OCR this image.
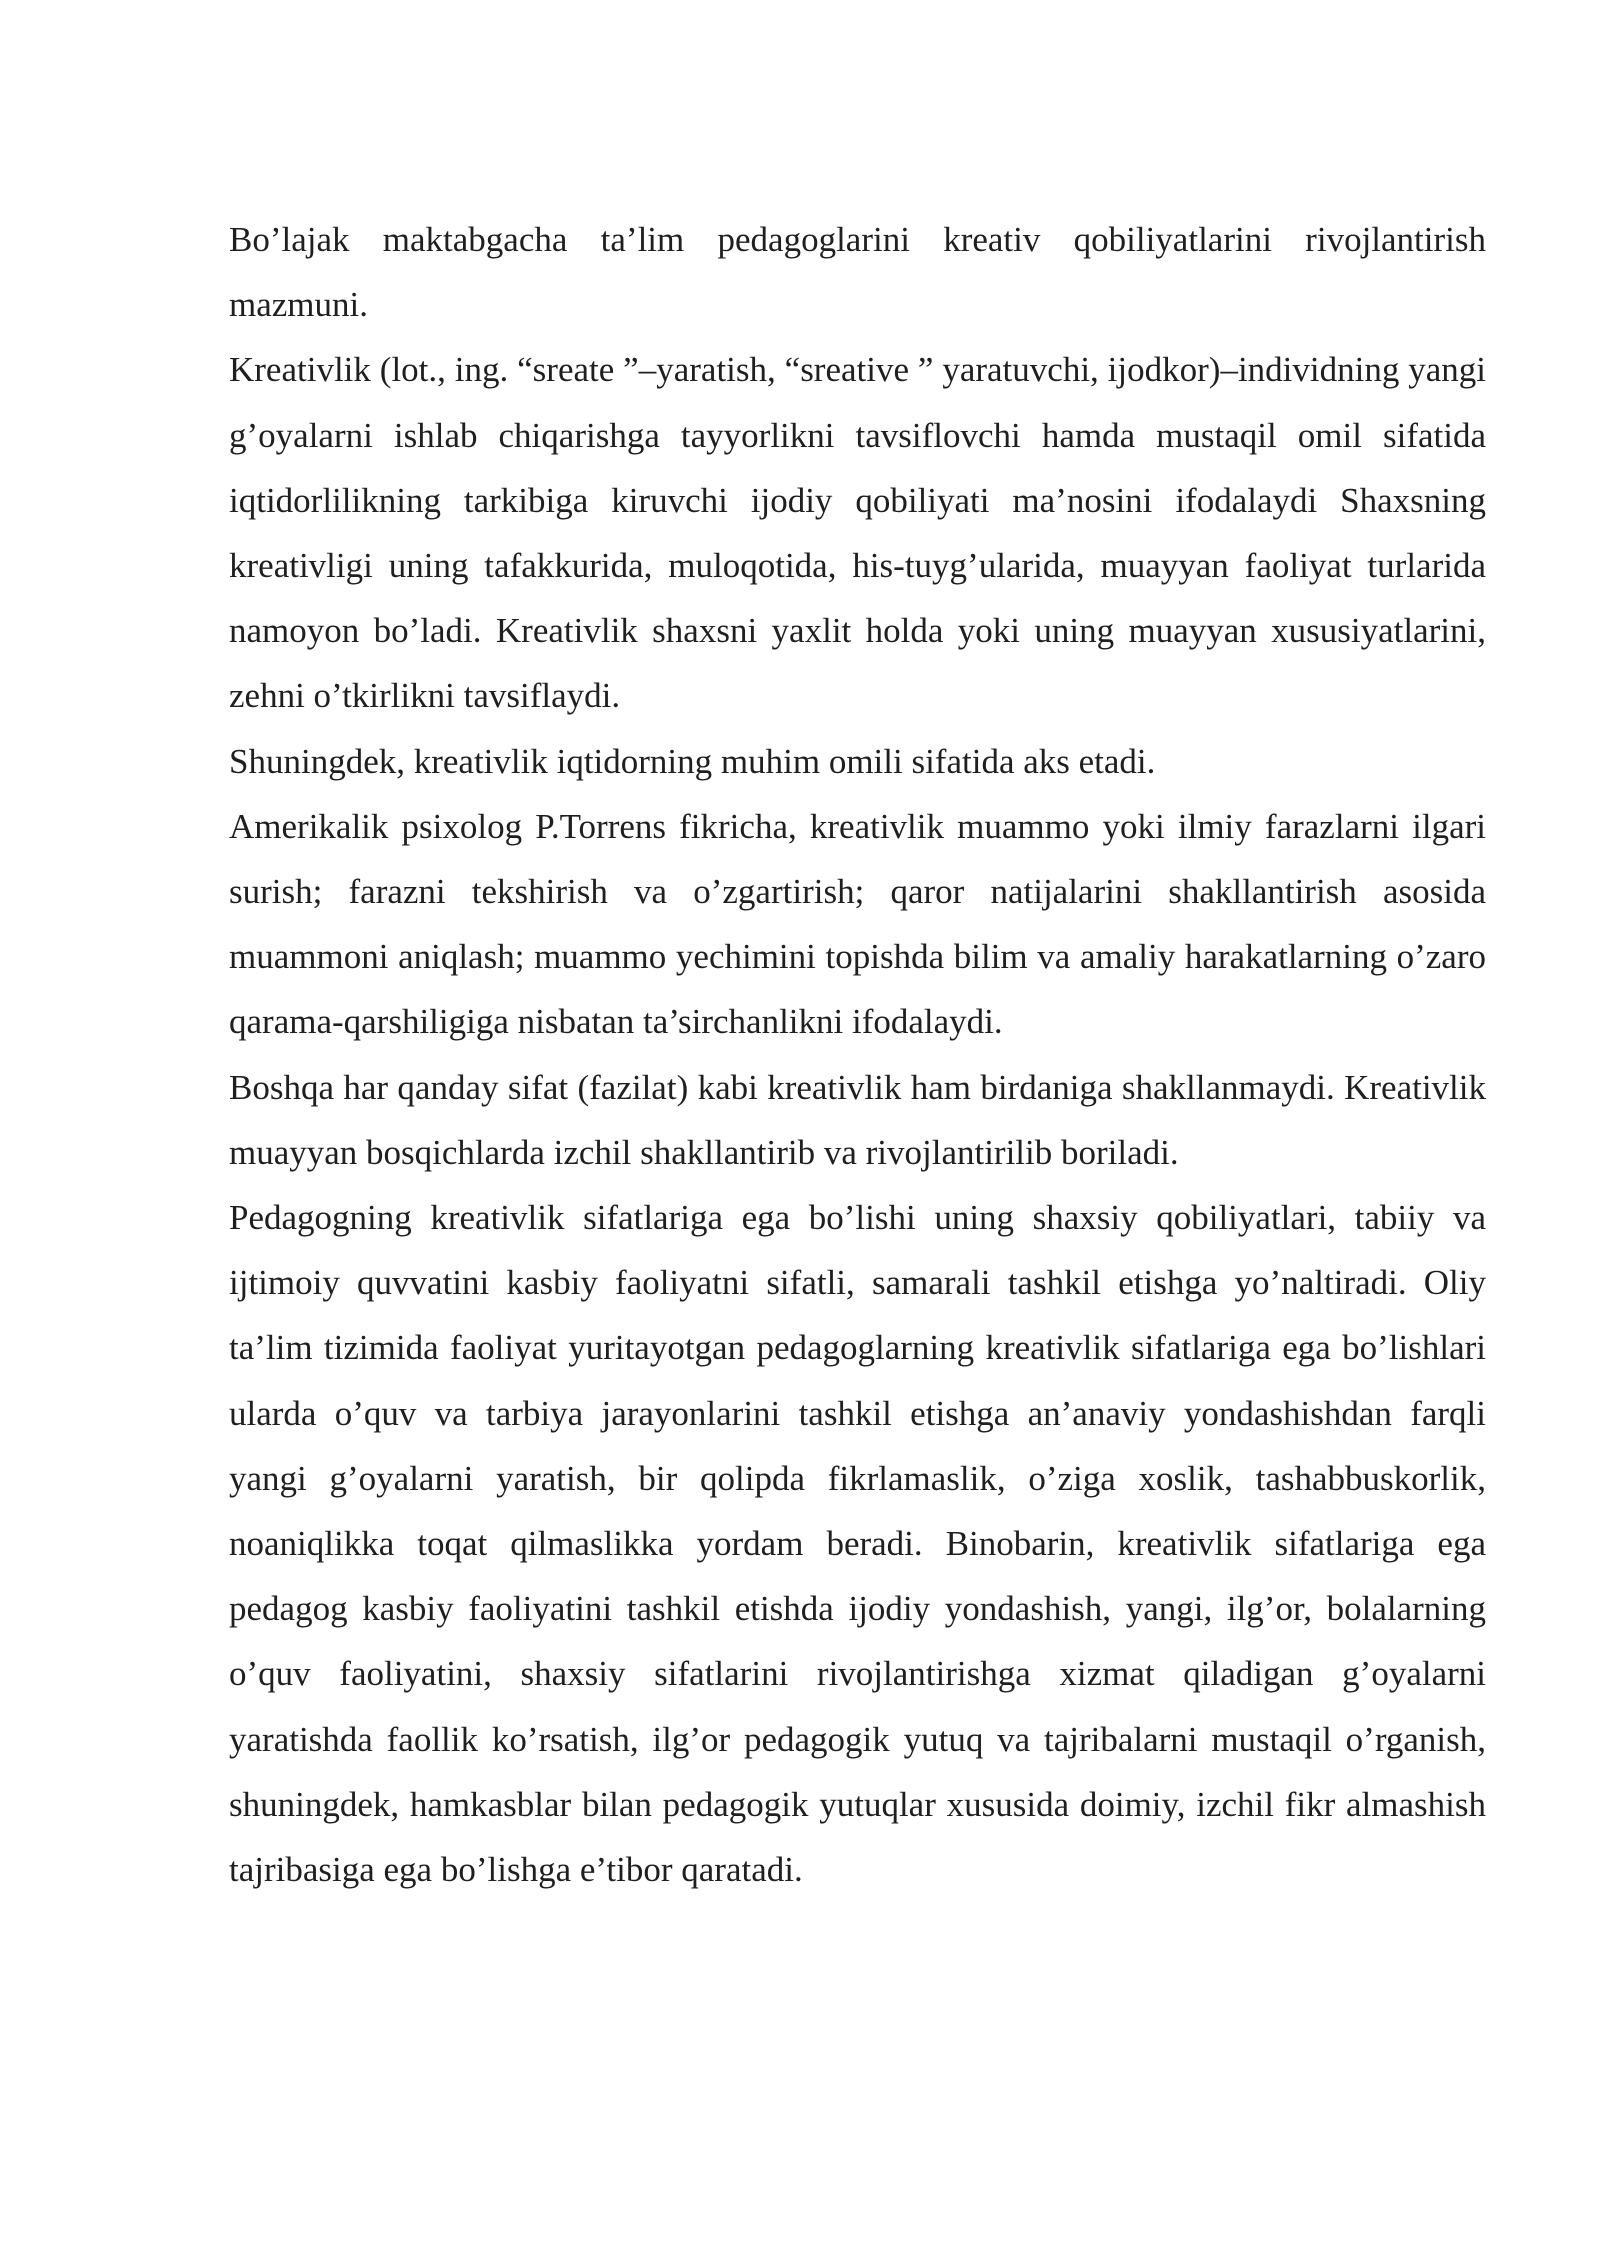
Bo’lajak maktabgacha ta’lim pedagoglarini kreativ qobiliyatlarini rivojlantirish mazmuni.

Kreativlik (lot., ing. “sreate ”–yaratish, “sreative ” yaratuvchi, ijodkor)–individning yangi g’oyalarni ishlab chiqarishga tayyorlikni tavsiflovchi hamda mustaqil omil sifatida iqtidorlilikning tarkibiga kiruvchi ijodiy qobiliyati ma’nosini ifodalaydi Shaxsning kreativligi uning tafakkurida, muloqotida, his-tuyg’ularida, muayyan faoliyat turlarida namoyon bo’ladi. Kreativlik shaxsni yaxlit holda yoki uning muayyan xususiyatlarini, zehni o’tkirlikni tavsiflaydi.

Shuningdek, kreativlik iqtidorning muhim omili sifatida aks etadi.

Amerikalik psixolog P.Torrens fikricha, kreativlik muammo yoki ilmiy farazlarni ilgari surish; farazni tekshirish va o’zgartirish; qaror natijalarini shakllantirish asosida muammoni aniqlash; muammo yechimini topishda bilim va amaliy harakatlarning o’zaro qarama-qarshiligiga nisbatan ta’sirchanlikni ifodalaydi.

Boshqa har qanday sifat (fazilat) kabi kreativlik ham birdaniga shakllanmaydi. Kreativlik muayyan bosqichlarda izchil shakllantirib va rivojlantirilib boriladi.

Pedagogning kreativlik sifatlariga ega bo’lishi uning shaxsiy qobiliyatlari, tabiiy va ijtimoiy quvvatini kasbiy faoliyatni sifatli, samarali tashkil etishga yo’naltiradi. Oliy ta’lim tizimida faoliyat yuritayotgan pedagoglarning kreativlik sifatlariga ega bo’lishlari ularda o’quv va tarbiya jarayonlarini tashkil etishga an’anaviy yondashishdan farqli yangi g’oyalarni yaratish, bir qolipda fikrlamaslik, o’ziga xoslik, tashabbuskorlik, noaniqlikka toqat qilmaslikka yordam beradi. Binobarin, kreativlik sifatlariga ega pedagog kasbiy faoliyatini tashkil etishda ijodiy yondashish, yangi, ilg’or, bolalarning o’quv faoliyatini, shaxsiy sifatlarini rivojlantirishga xizmat qiladigan g’oyalarni yaratishda faollik ko’rsatish, ilg’or pedagogik yutuq va tajribalarni mustaqil o’rganish, shuningdek, hamkasblar bilan pedagogik yutuqlar xususida doimiy, izchil fikr almashish tajribasiga ega bo’lishga e’tibor qaratadi.
